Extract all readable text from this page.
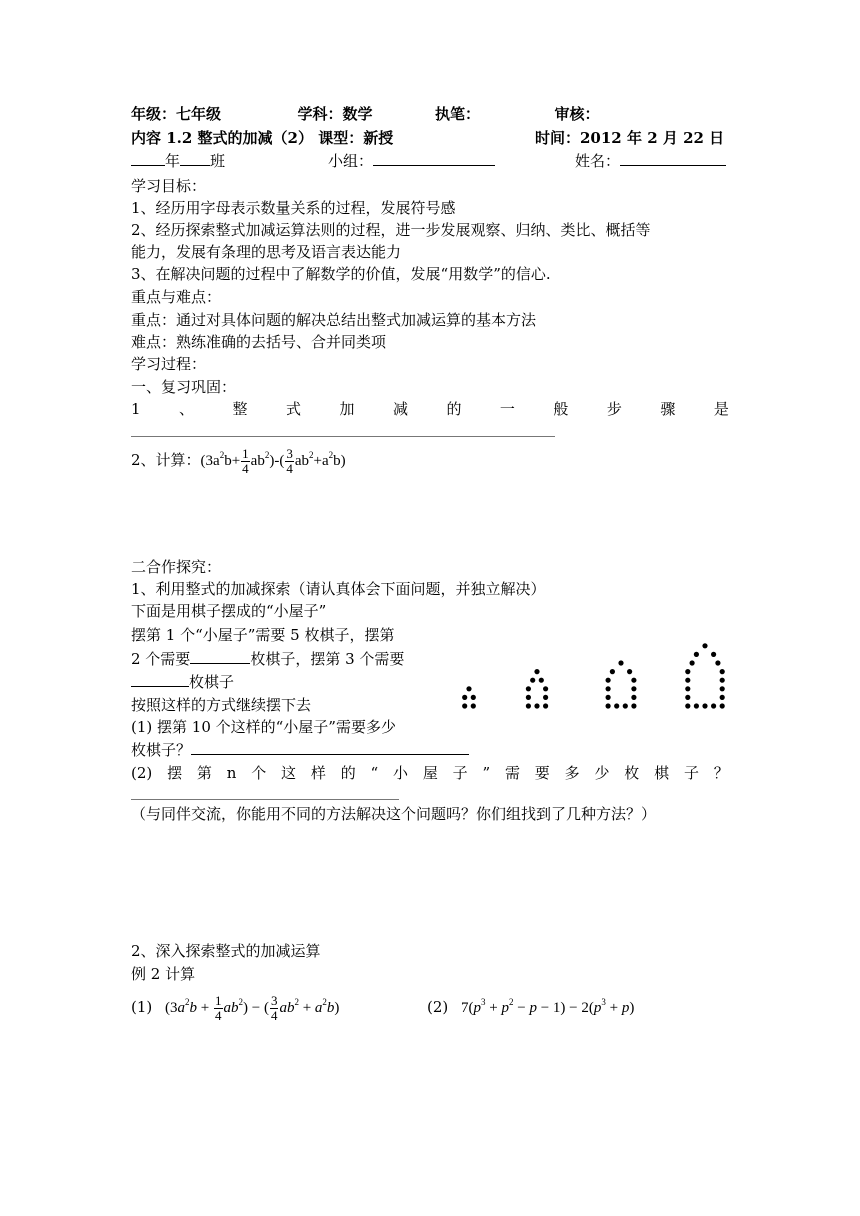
年级：七年级	学科：数学	执笔：	审核：
内容 1.2 整式的加减（2） 课型：新授	时间：2012 年 2 月 22 日
年 班	小组：	姓名：
学习目标：
1、经历用字母表示数量关系的过程，发展符号感
2、经历探索整式加减运算法则的过程，进一步发展观察、归纳、类比、概括等
能力，发展有条理的思考及语言表达能力
3、在解决问题的过程中了解数学的价值，发展“用数学”的信心.
重点与难点：
重点：通过对具体问题的解决总结出整式加减运算的基本方法
难点：熟练准确的去括号、合并同类项
学习过程：
一、复习巩固：
1	、	整	式	加	减	的	一	般	步	骤	是
2、计算：$(3a^2b+ \frac{1}{4} ab^2)-( \frac{3}{4} ab^2+a^2b)$
二合作探究：
1、利用整式的加减探索（请认真体会下面问题，并独立解决）
下面是用棋子摆成的“小屋子”
摆第 1 个“小屋子”需要 5 枚棋子，摆第
2 个需要	枚棋子，摆第 3 个需要
枚棋子
按照这样的方式继续摆下去
(1) 摆第 10 个这样的“小屋子”需要多少
枚棋子？
(2) 摆 第 n 个 这 样 的 “ 小 屋 子 ” 需 要 多 少 枚 棋 子 ？
（与同伴交流，你能用不同的方法解决这个问题吗？你们组找到了几种方法？）
2、深入探索整式的加减运算
例 2 计算
(1) $(3a^2b + \frac{1}{4} ab^2)$ − ( $\frac{3}{4} ab^2 + a^2b$)	(2) $7(p^3 + p^2 - p - 1) - 2(p^3 + p)$
